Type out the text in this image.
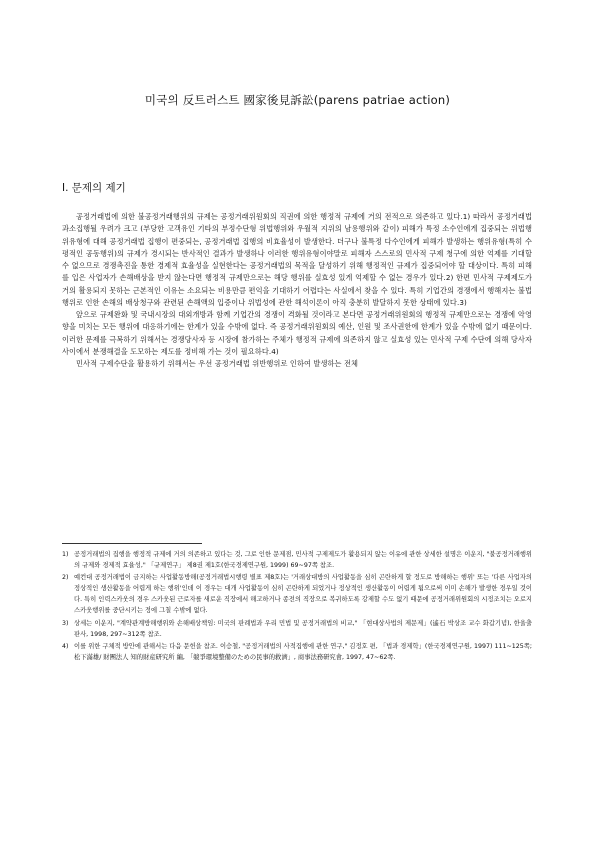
미국의 反트러스트 國家後見訴訟(parens patriae action)
I. 문제의 제기

공정거래법에 의한 불공정거래행위의 규제는 공정거래위원회의 직권에 의한 행정적 규제에 거의 전적으로 의존하고 있다.1) 따라서 공정거래법 과소집행될 우려가 크고 (부당한 고객유인 기타의 부정수단형 위법행위와 우월적 지위의 남용행위와 같이) 피해가 특정 소수인에게 집중되는 위법행위유형에 대해 공정거래법 집행이 편중되는, 공정거래법 집행의 비효율성이 발생한다. 더구나 불특정 다수인에게 피해가 발생하는 행위유형(특히 수평적인 공동행위)의 규제가 경시되는 반사적인 결과가 발생하나 이러한 행위유형이야말로 피해자 스스로의 민사적 구제 청구에 의한 억제를 기대할 수 없으므로 경쟁촉진을 통한 경제적 효율성을 실현한다는 공정거래법의 목적을 달성하기 위해 행정적인 규제가 집중되어야 할 대상이다. 특히 피해를 입은 사업자가 손해배상을 받지 않는다면 행정적 규제만으로는 해당 행위를 실효성 있게 억제할 수 없는 경우가 있다.2) 한편 민사적 구제제도가 거의 활용되지 못하는 근본적인 이유는 소요되는 비용만큼 편익을 기대하기 어렵다는 사실에서 찾을 수 있다. 특히 기업간의 경쟁에서 행해지는 불법행위로 인한 손해의 배상청구와 관련된 손해액의 입증이나 위법성에 관한 해석이론이 아직 충분히 발달하지 못한 상태에 있다.3)

앞으로 규제완화 및 국내시장의 대외개방과 함께 기업간의 경쟁이 격화될 것이라고 본다면 공정거래위원회의 행정적 규제만으로는 경쟁에 악영향을 미치는 모든 행위에 대응하기에는 한계가 있을 수밖에 없다. 즉 공정거래위원회의 예산, 인원 및 조사권한에 한계가 있을 수밖에 없기 때문이다. 이러한 문제를 극복하기 위해서는 경쟁당사자 등 시장에 참가하는 주체가 행정적 규제에 의존하지 않고 실효성 있는 민사적 구제 수단에 의해 당사자 사이에서 분쟁해결을 도모하는 제도를 정비해 가는 것이 필요하다.4)

민사적 구제수단을 활용하기 위해서는 우선 공정거래법 위반행위로 인하여 발생하는 전체

1) 공정거래법의 집행을 행정적 규제에 거의 의존하고 있다는 것, 그로 인한 문제점, 민사적 구제제도가 활용되지 않는 이유에 관한 상세한 설명은 이운지, "불공정거래행위의 규제와 경제적 효율성," 「규제연구」 제8권 제1호(한국경제연구원, 1999) 69~97쪽 참조.
2) 예컨대 공정거래법이 금지하는 사업활동방해(공정거래법시행령 별표 제8호)는 '거래상대방의 사업활동을 심히 곤란하게 할 정도로 방해하는 행위' 또는 '다른 사업자의 정상적인 생산활동을 어렵게 하는 행위'인데 이 경우는 대개 사업활동이 심히 곤란하게 되었거나 정상적인 생산활동이 어렵게 됨으로써 이미 손해가 발생한 경우일 것이다. 특히 인력스카웃의 경우 스카웃된 근로자를 새로운 직장에서 해고하거나 종전의 직장으로 복귀하도록 강제할 수도 없기 때문에 공정거래위원회의 시정조치는 오로지 스카웃행위를 중단시키는 정에 그칠 수밖에 없다.
3) 상세는 이운지, "계약관계방해행위와 손해배상책임: 미국의 판례법과 우리 민법 및 공정거래법의 비교," 「현대상사법의 제문제」(遙石 박상조 교수 화갑기념), 한울출판사, 1998, 297~312쪽 참조.
4) 이를 위한 구체적 방안에 관해서는 다음 문헌을 참조. 이승철, "공정거래법의 사적집행에 관한 연구," 김정호 편, 「법과 경제학」(한국경제연구원, 1997) 111~125쪽; 松下滿雄/ 財團法人 知的財産研究所 編, 「競爭環境整備のための民事的救濟」, 商事法務研究會, 1997, 47~62쪽.
